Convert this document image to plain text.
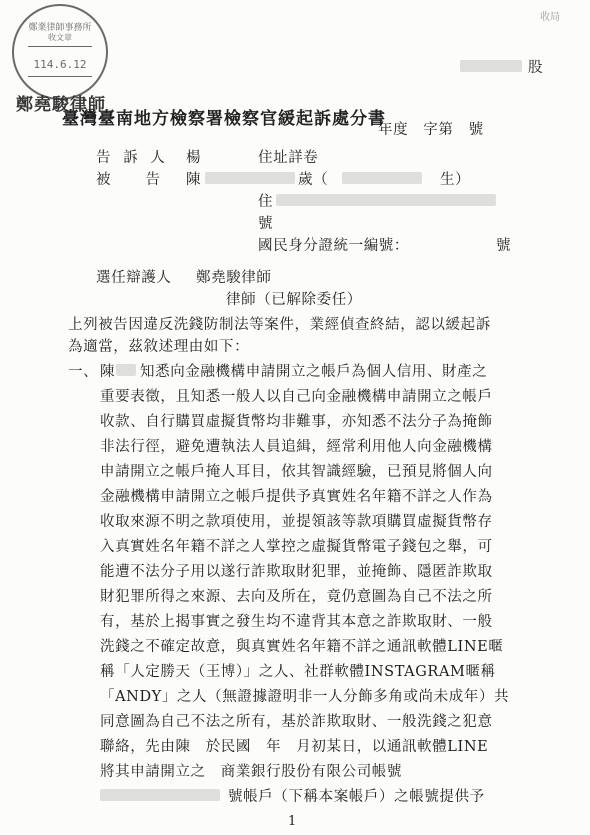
鄭業律師事務所
收文章
114.6.12
鄭堯駿律師
收局
股
臺灣臺南地方檢察署檢察官緩起訴處分書
年度　字第　號
告 訴 人 楊	住址詳卷
被　　告 陳	歲（	生）
住
號
國民身分證統一編號：	號
選任辯護人 鄭堯駿律師
律師（已解除委任）
上列被告因違反洗錢防制法等案件，業經偵查終結，認以緩起訴
為適當，茲敘述理由如下：
一、 陳 知悉向金融機構申請開立之帳戶為個人信用、財產之
重要表徵，且知悉一般人以自己向金融機構申請開立之帳戶
收款、自行購買虛擬貨幣均非難事，亦知悉不法分子為掩飾
非法行徑，避免遭執法人員追緝，經常利用他人向金融機構
申請開立之帳戶掩人耳目，依其智識經驗，已預見將個人向
金融機構申請開立之帳戶提供予真實姓名年籍不詳之人作為
收取來源不明之款項使用，並提領該等款項購買虛擬貨幣存
入真實姓名年籍不詳之人掌控之虛擬貨幣電子錢包之舉，可
能遭不法分子用以遂行詐欺取財犯罪，並掩飾、隱匿詐欺取
財犯罪所得之來源、去向及所在，竟仍意圖為自己不法之所
有，基於上揭事實之發生均不違背其本意之詐欺取財、一般
洗錢之不確定故意，與真實姓名年籍不詳之通訊軟體LINE暱
稱「人定勝天（王博）」之人、社群軟體INSTAGRAM暱稱
「ANDY」之人（無證據證明非一人分飾多角或尚未成年）共
同意圖為自己不法之所有，基於詐欺取財、一般洗錢之犯意
聯絡，先由陳　於民國　年　月初某日，以通訊軟體LINE
將其申請開立之　商業銀行股份有限公司帳號
號帳戶（下稱本案帳戶）之帳號提供予
1
